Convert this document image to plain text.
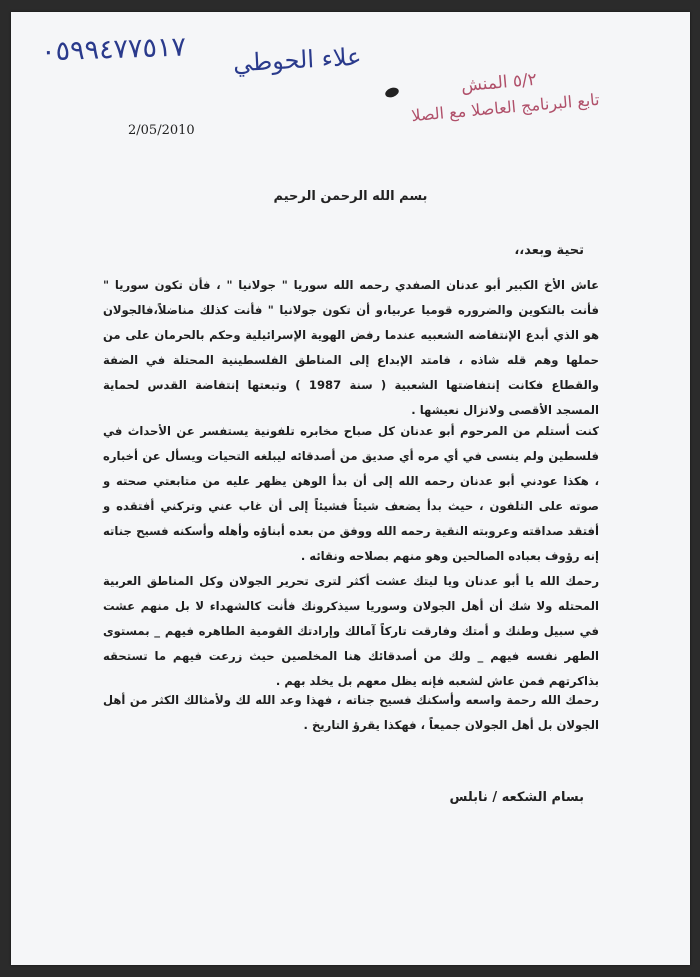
٠٥٩٩٤٧٧٥١٧ علاء الحوطي
٥/٢ المنش
تابع البرنامج العاصلا مع الصلا
2/05/2010
بسم الله الرحمن الرحيم
تحية وبعد،،
عاش الأخ الكبير أبو عدنان الصفدي رحمه الله سوريا " جولانيا " ، فأن تكون سوريا " فأنت بالتكوين والضروره قوميا عربيا،و أن تكون جولانيا " فأنت كذلك مناضلاً،فالجولان هو الذي أبدع الإنتفاضه الشعبيه عندما رفض الهوية الإسرائيلية وحكم بالحرمان على من حملها وهم قله شاذه ، فامتد الإبداع إلى المناطق الفلسطينية المحتلة في الضفة والقطاع فكانت إنتفاضتها الشعبية ( سنة 1987 ) وتبعتها إنتفاضة القدس لحماية المسجد الأقصى ولانزال نعيشها .
كنت أستلم من المرحوم أبو عدنان كل صباح مخابره تلفونية يستفسر عن الأحداث في فلسطين ولم ينسى في أي مره أي صديق من أصدقائه ليبلغه التحيات ويسأل عن أخباره ، هكذا عودني أبو عدنان رحمه الله إلى أن بدأ الوهن يظهر عليه من متابعتي صحته و صوته على التلفون ، حيث بدأ يضعف شيئاً فشيئاً إلى أن غاب عني وتركني أفتقده و أفتقد صداقته وعروبته النقية رحمه الله ووفق من بعده أبناؤه وأهله وأسكنه فسيح جناته إنه رؤوف بعباده الصالحين وهو منهم بصلاحه ونقائه .
رحمك الله يا أبو عدنان ويا ليتك عشت أكثر لترى تحرير الجولان وكل المناطق العربية المحتله ولا شك أن أهل الجولان وسوريا سيذكرونك فأنت كالشهداء لا بل منهم عشت في سبيل وطنك و أمتك وفارقت تاركاً آمالك وإرادتك القومية الطاهره فيهم _ بمستوى الطهر نفسه فيهم _ ولك من أصدقائك هنا المخلصين حيث زرعت فيهم ما تستحقه بذاكرتهم فمن عاش لشعبه فإنه يظل معهم بل يخلد بهم .
رحمك الله رحمة واسعه وأسكنك فسيح جناته ، فهذا وعد الله لك ولأمثالك الكثر من أهل الجولان بل أهل الجولان جميعاً ، فهكذا يقرؤ التاريخ .
بسام الشكعه / نابلس
